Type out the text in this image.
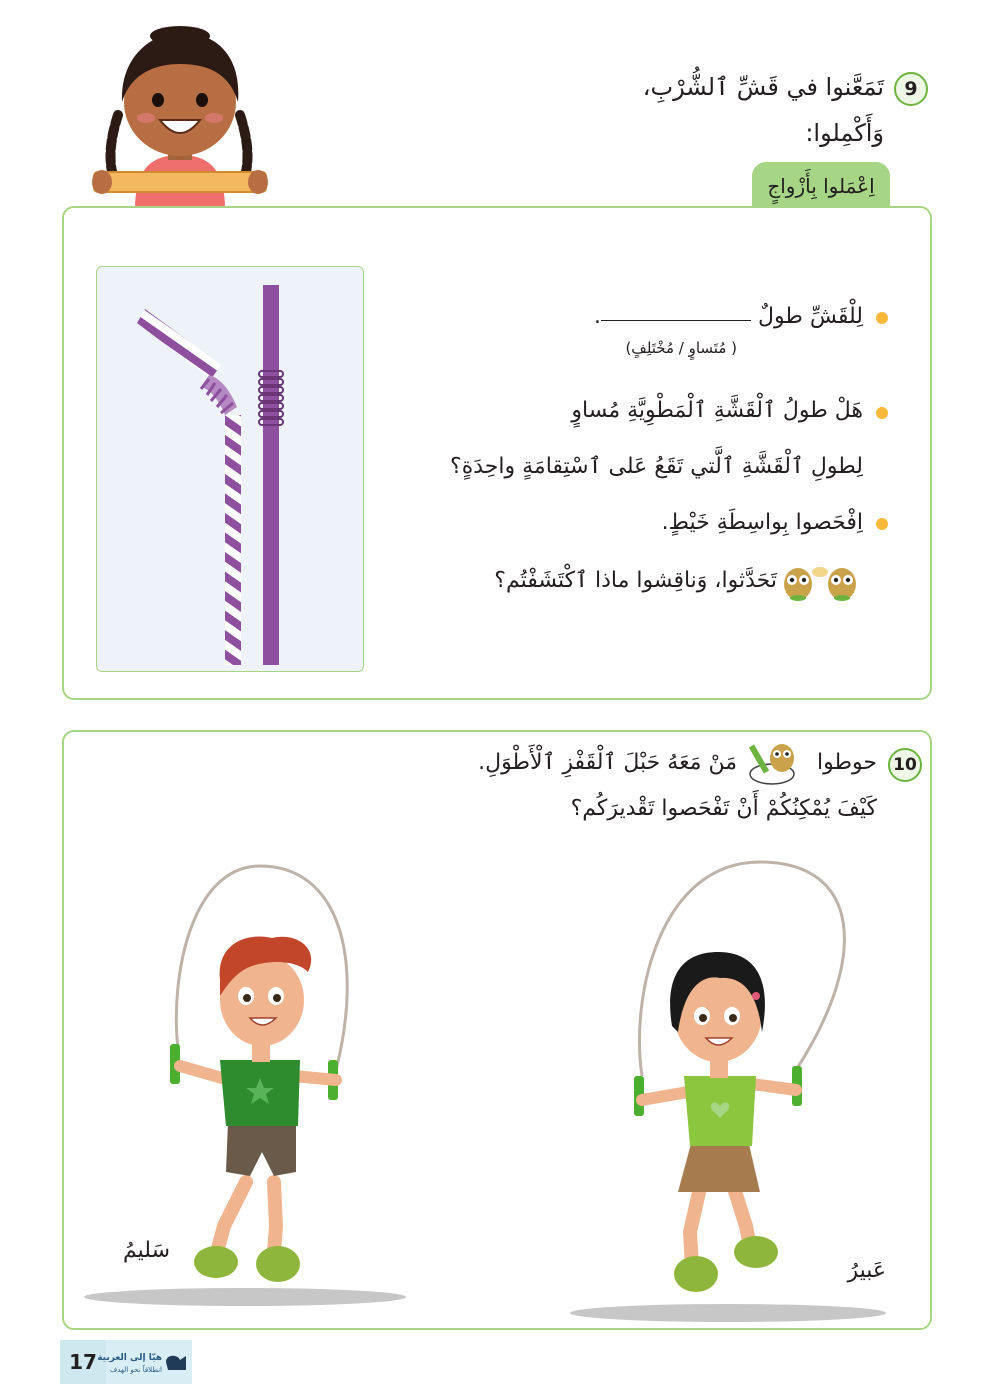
9
تَمَعَّنوا في قَشِّ ٱلشُّرْبِ،
وَأَكْمِلوا:
اِعْمَلوا بِأَزْواجٍ
لِلْقَشِّ طولٌ .
( مُتَساوٍ / مُخْتَلِفٍ)
هَلْ طولُ ٱلْقَشَّةِ ٱلْمَطْوِيَّةِ مُساوٍ
لِطولِ ٱلْقَشَّةِ ٱلَّتي تَقَعُ عَلى ٱسْتِقامَةٍ واحِدَةٍ؟
اِفْحَصوا بِواسِطَةِ خَيْطٍ.
تَحَدَّثوا، وَناقِشوا ماذا ٱكْتَشَفْتُم؟
10
حوطوا
مَنْ مَعَهُ حَبْلَ ٱلْقَفْزِ ٱلْأَطْوَلِ.
كَيْفَ يُمْكِنُكُمْ أَنْ تَفْحَصوا تَقْديرَكُم؟
سَليمُ
عَبيرُ
17 هيّا إلى العربية
انطلاقاً نحو الهدف
